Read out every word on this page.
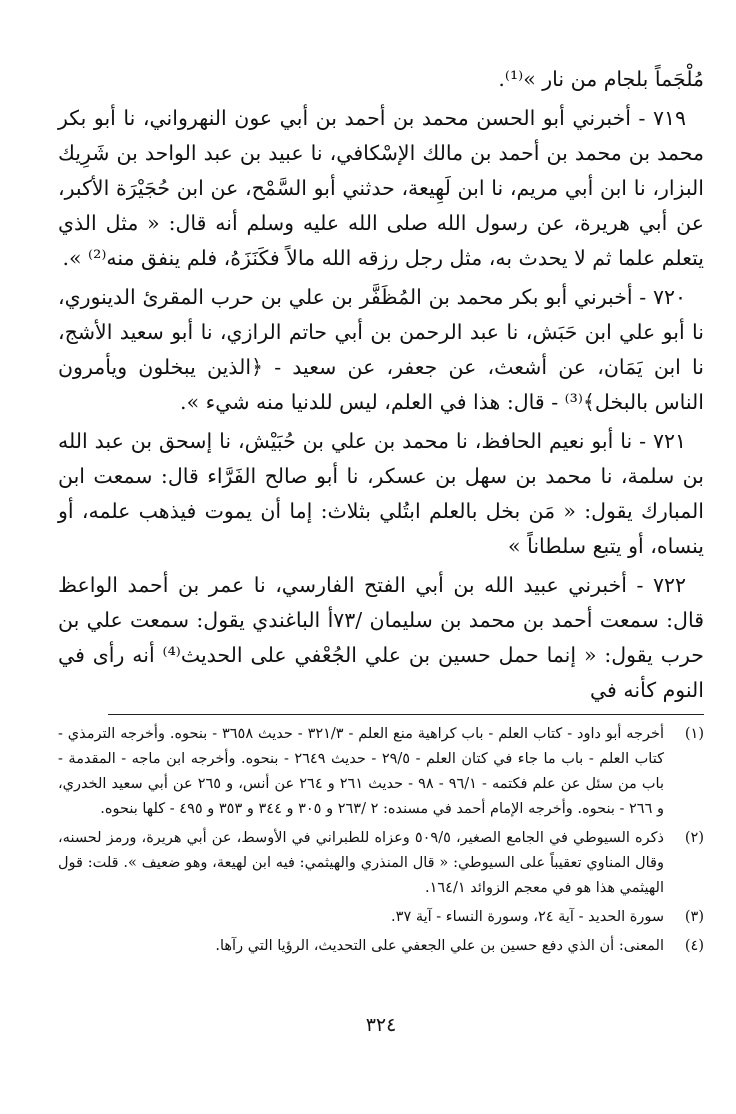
مُلْجَماً بلجام من نار »⁽¹⁾.

٧١٩ - أخبرني أبو الحسن محمد بن أحمد بن أبي عون النهرواني، نا أبو بكر محمد بن محمد بن أحمد بن مالك الإسْكافي، نا عبيد بن عبد الواحد بن شَرِيك البزار، نا ابن أبي مريم، نا ابن لَهِيعة، حدثني أبو السَّمْح، عن ابن حُجَيْرَة الأكبر، عن أبي هريرة، عن رسول الله صلى الله عليه وسلم أنه قال: « مثل الذي يتعلم علما ثم لا يحدث به، مثل رجل رزقه الله مالاً فكَنَزَهُ، فلم ينفق منه⁽²⁾ ».

٧٢٠ - أخبرني أبو بكر محمد بن المُظَفَّر بن علي بن حرب المقرئ الدينوري، نا أبو علي ابن حَبَش، نا عبد الرحمن بن أبي حاتم الرازي، نا أبو سعيد الأشج، نا ابن يَمَان، عن أشعث، عن جعفر، عن سعيد - ﴿الذين يبخلون ويأمرون الناس بالبخل﴾⁽³⁾ - قال: هذا في العلم، ليس للدنيا منه شيء ».

٧٢١ - نا أبو نعيم الحافظ، نا محمد بن علي بن حُبَيْش، نا إسحق بن عبد الله بن سلمة، نا محمد بن سهل بن عسكر، نا أبو صالح الفَرَّاء قال: سمعت ابن المبارك يقول: « مَن بخل بالعلم ابتُلي بثلاث: إما أن يموت فيذهب علمه، أو ينساه، أو يتبع سلطاناً »

٧٢٢ - أخبرني عبيد الله بن أبي الفتح الفارسي، نا عمر بن أحمد الواعظ قال: سمعت أحمد بن محمد بن سليمان /٧٣أ الباغندي يقول: سمعت علي بن حرب يقول: « إنما حمل حسين بن علي الجُعْفي على الحديث⁽⁴⁾ أنه رأى في النوم كأنه في

(١)
أخرجه أبو داود - كتاب العلم - باب كراهية منع العلم - ٣٢١/٣ - حديث ٣٦٥٨ - بنحوه. وأخرجه الترمذي - كتاب العلم - باب ما جاء في كتان العلم - ٢٩/٥ - حديث ٢٦٤٩ - بنحوه. وأخرجه ابن ماجه - المقدمة - باب من سئل عن علم فكتمه - ٩٦/١ - ٩٨ - حديث ٢٦١ و ٢٦٤ عن أنس، و ٢٦٥ عن أبي سعيد الخدري، و ٢٦٦ - بنحوه. وأخرجه الإمام أحمد في مسنده: ٢ /٢٦٣ و ٣٠٥ و ٣٤٤ و ٣٥٣ و ٤٩٥ - كلها بنحوه.
(٢)
ذكره السيوطي في الجامع الصغير، ٥٠٩/٥ وعزاه للطبراني في الأوسط، عن أبي هريرة، ورمز لحسنه، وقال المناوي تعقيباً على السيوطي: « قال المنذري والهيثمي: فيه ابن لهيعة، وهو ضعيف ». قلت: قول الهيثمي هذا هو في معجم الزوائد ١٦٤/١.
(٣)
سورة الحديد - آية ٢٤، وسورة النساء - آية ٣٧.
(٤)
المعنى: أن الذي دفع حسين بن علي الجعفي على التحديث، الرؤيا التي رآها.
٣٢٤
